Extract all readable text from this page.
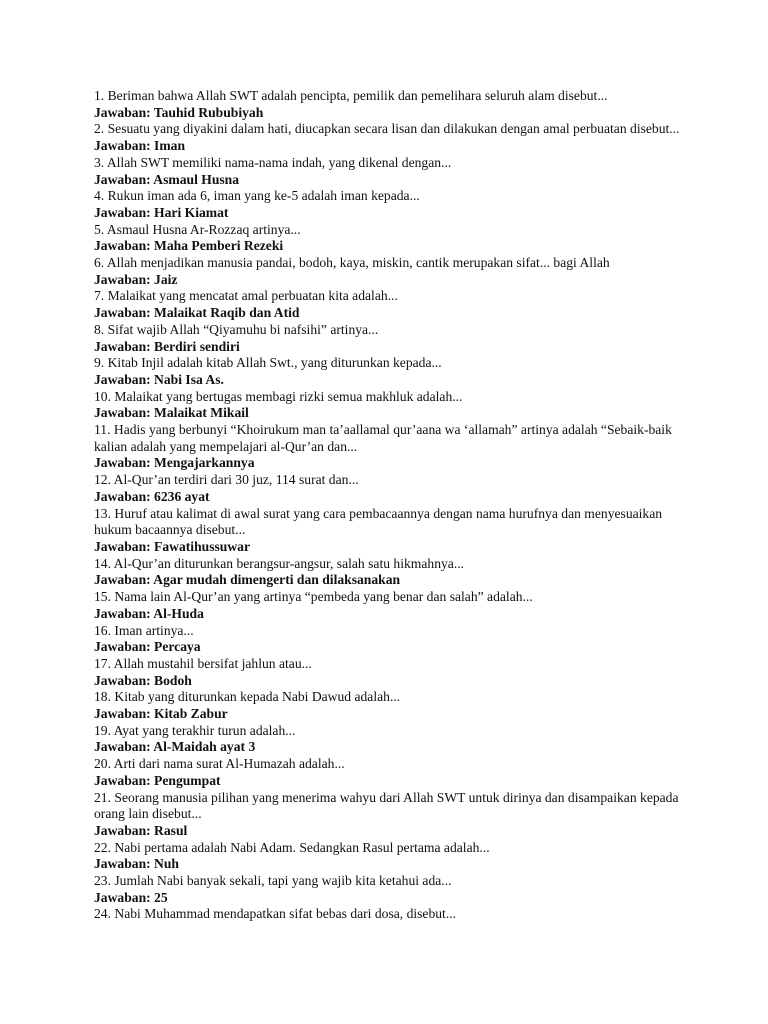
1. Beriman bahwa Allah SWT adalah pencipta, pemilik dan pemelihara seluruh alam disebut...

Jawaban: Tauhid Rububiyah

2. Sesuatu yang diyakini dalam hati, diucapkan secara lisan dan dilakukan dengan amal perbuatan disebut...

Jawaban: Iman

3. Allah SWT memiliki nama-nama indah, yang dikenal dengan...

Jawaban: Asmaul Husna

4. Rukun iman ada 6, iman yang ke-5 adalah iman kepada...

Jawaban: Hari Kiamat

5. Asmaul Husna Ar-Rozzaq artinya...

Jawaban: Maha Pemberi Rezeki

6. Allah menjadikan manusia pandai, bodoh, kaya, miskin, cantik merupakan sifat... bagi Allah

Jawaban: Jaiz

7. Malaikat yang mencatat amal perbuatan kita adalah...

Jawaban: Malaikat Raqib dan Atid

8. Sifat wajib Allah “Qiyamuhu bi nafsihi” artinya...

Jawaban: Berdiri sendiri

9. Kitab Injil adalah kitab Allah Swt., yang diturunkan kepada...

Jawaban: Nabi Isa As.

10. Malaikat yang bertugas membagi rizki semua makhluk adalah...

Jawaban: Malaikat Mikail

11. Hadis yang berbunyi “Khoirukum man ta’aallamal qur’aana wa ‘allamah” artinya adalah “Sebaik-baik kalian adalah yang mempelajari al-Qur’an dan...

Jawaban: Mengajarkannya

12. Al-Qur’an terdiri dari 30 juz, 114 surat dan...

Jawaban: 6236 ayat

13. Huruf atau kalimat di awal surat yang cara pembacaannya dengan nama hurufnya dan menyesuaikan hukum bacaannya disebut...

Jawaban: Fawatihussuwar

14. Al-Qur’an diturunkan berangsur-angsur, salah satu hikmahnya...

Jawaban: Agar mudah dimengerti dan dilaksanakan

15. Nama lain Al-Qur’an yang artinya “pembeda yang benar dan salah” adalah...

Jawaban: Al-Huda

16. Iman artinya...

Jawaban: Percaya

17. Allah mustahil bersifat jahlun atau...

Jawaban: Bodoh

18. Kitab yang diturunkan kepada Nabi Dawud adalah...

Jawaban: Kitab Zabur

19. Ayat yang terakhir turun adalah...

Jawaban: Al-Maidah ayat 3

20. Arti dari nama surat Al-Humazah adalah...

Jawaban: Pengumpat

21. Seorang manusia pilihan yang menerima wahyu dari Allah SWT untuk dirinya dan disampaikan kepada orang lain disebut...

Jawaban: Rasul

22. Nabi pertama adalah Nabi Adam. Sedangkan Rasul pertama adalah...

Jawaban: Nuh

23. Jumlah Nabi banyak sekali, tapi yang wajib kita ketahui ada...

Jawaban: 25

24. Nabi Muhammad mendapatkan sifat bebas dari dosa, disebut...
